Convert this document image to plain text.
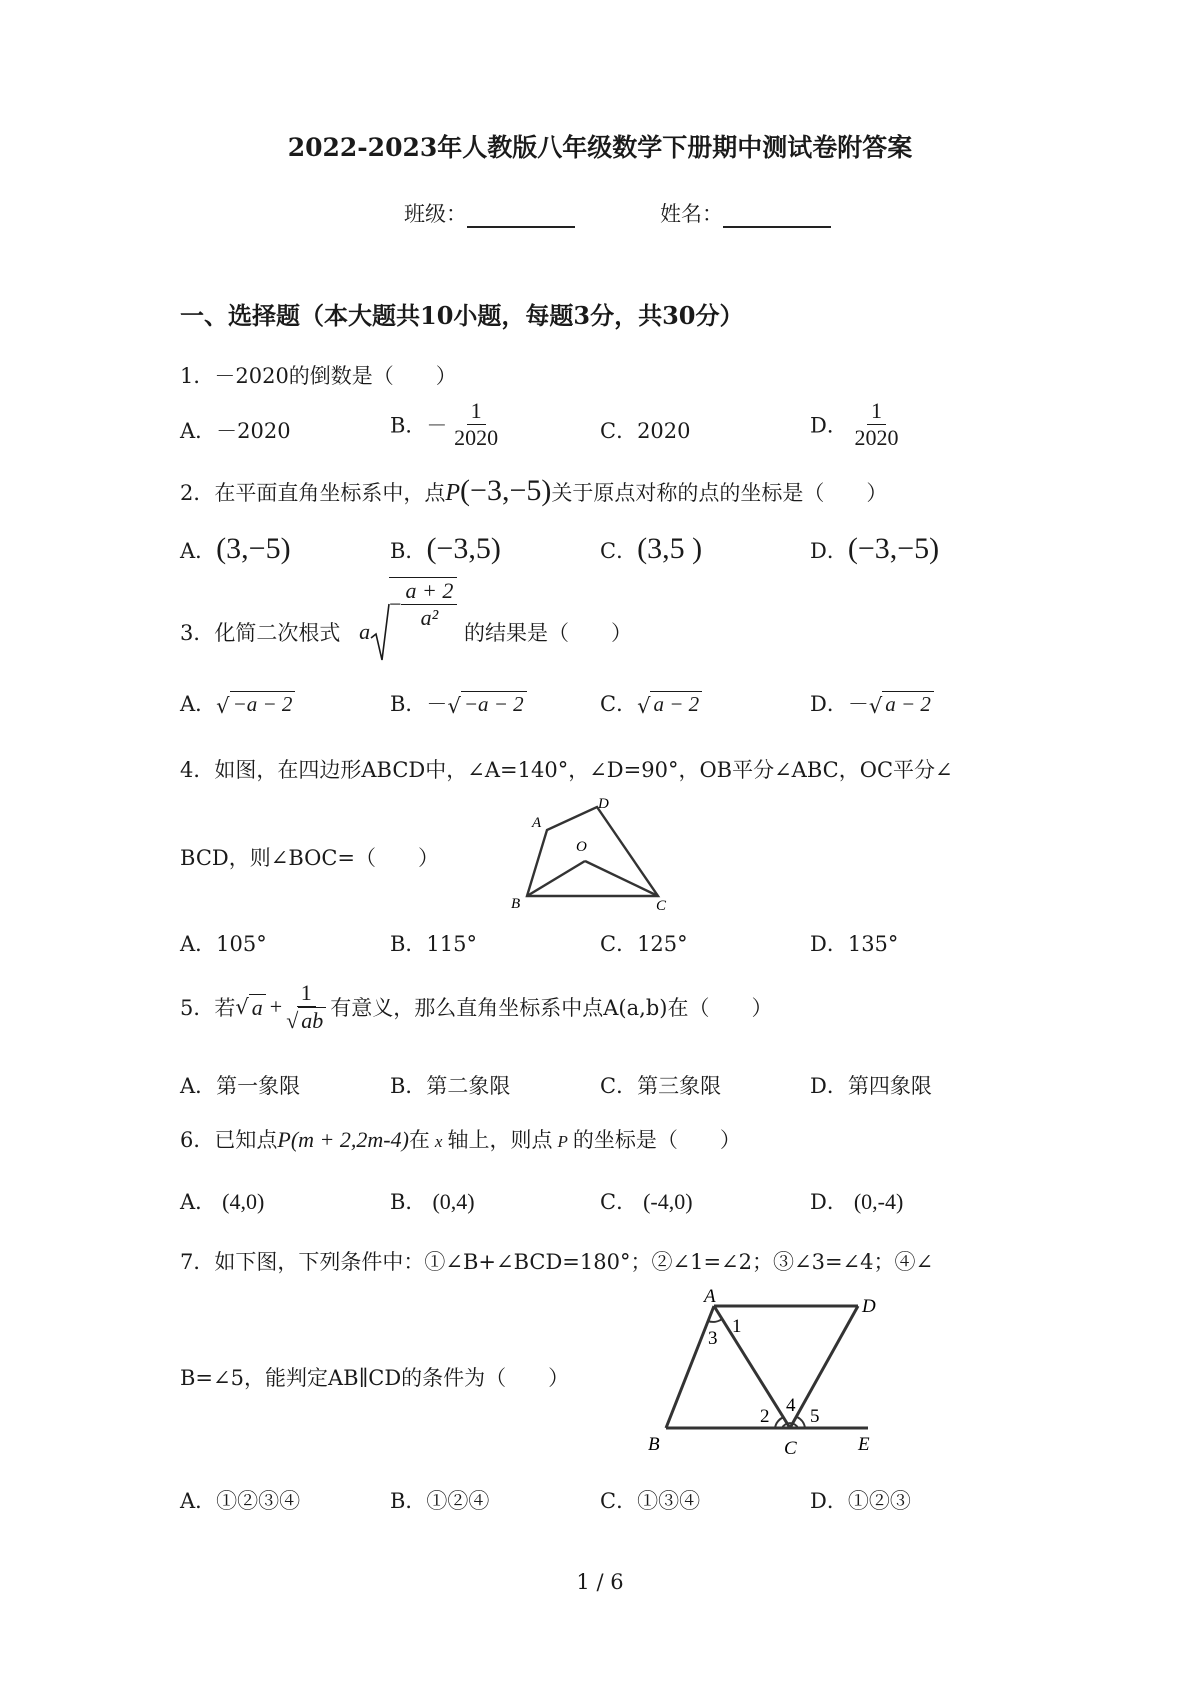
2022-2023年人教版八年级数学下册期中测试卷附答案
班级：	姓名：
一、选择题（本大题共10小题，每题3分，共30分）
1．－2020的倒数是（　　）
A．－2020	B．－ $\frac{1}{2020}$	C．2020	D． $\frac{1}{2020}$
2．在平面直角坐标系中，点P(−3,−5)关于原点对称的点的坐标是（　　）
A．(3,−5)	B．(−3,5)	C．(3,5 )	D．(−3,−5)
3．化简二次根式 $a- \frac{a + 2}{\text{a²}}$
的结果是（　　）
A．√ −a − 2	B．－√ −a − 2	C．√ a − 2	D．－√ a − 2
4．如图，在四边形ABCD中，∠A=140°，∠D=90°，OB平分∠ABC，OC平分∠
BCD，则∠BOC=（　　）
A
B	C
D
O
A．105°	B．115°	C．125°	D．135°
5．若√ $a + \frac{1}{√ ab}$ 有意义，那么直角坐标系中点A(a,b)在（　　）
A．第一象限	B．第二象限	C．第三象限	D．第四象限
6．已知点P(m + 2,2m-4)在 x 轴上，则点 P 的坐标是（　　）
A． (4,0)	B． (0,4)	C． (-4,0)	D． (0,-4)
7．如下图，下列条件中：①∠B+∠BCD=180°；②∠1=∠2；③∠3=∠4；④∠
B=∠5，能判定AB∥CD的条件为（　　）
A	D
B	C	E
1
2
3
4
5
A．①②③④	B．①②④	C．①③④	D．①②③
1 / 6
